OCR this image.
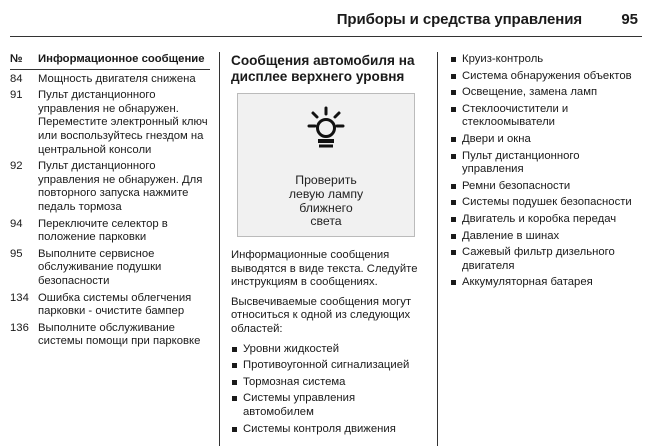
Приборы и средства управления	95
№	Информационное сообщение
84	Мощность двигателя снижена
91	Пульт дистанционного управления не обнаружен. Переместите электронный ключ или воспользуйтесь гнездом на центральной консоли
92	Пульт дистанционного управления не обнаружен. Для повторного запуска нажмите педаль тормоза
94	Переключите селектор в положение парковки
95	Выполните сервисное обслуживание подушки безопасности
134 Ошибка системы облегчения парковки - очистите бампер
136 Выполните обслуживание системы помощи при парковке
Сообщения автомобиля на дисплее верхнего уровня
Проверить
левую лампу
ближнего
света

Информационные сообщения выводятся в виде текста. Следуйте инструкциям в сообщениях.

Высвечиваемые сообщения могут относиться к одной из следующих областей:

Уровни жидкостей
Противоугонной сигнализацией
Тормозная система
Системы управления автомобилем
Системы контроля движения
Круиз-контроль
Система обнаружения объектов
Освещение, замена ламп
Стеклоочистители и стеклоомыватели
Двери и окна
Пульт дистанционного управления
Ремни безопасности
Системы подушек безопасности
Двигатель и коробка передач
Давление в шинах
Сажевый фильтр дизельного двигателя
Аккумуляторная батарея
